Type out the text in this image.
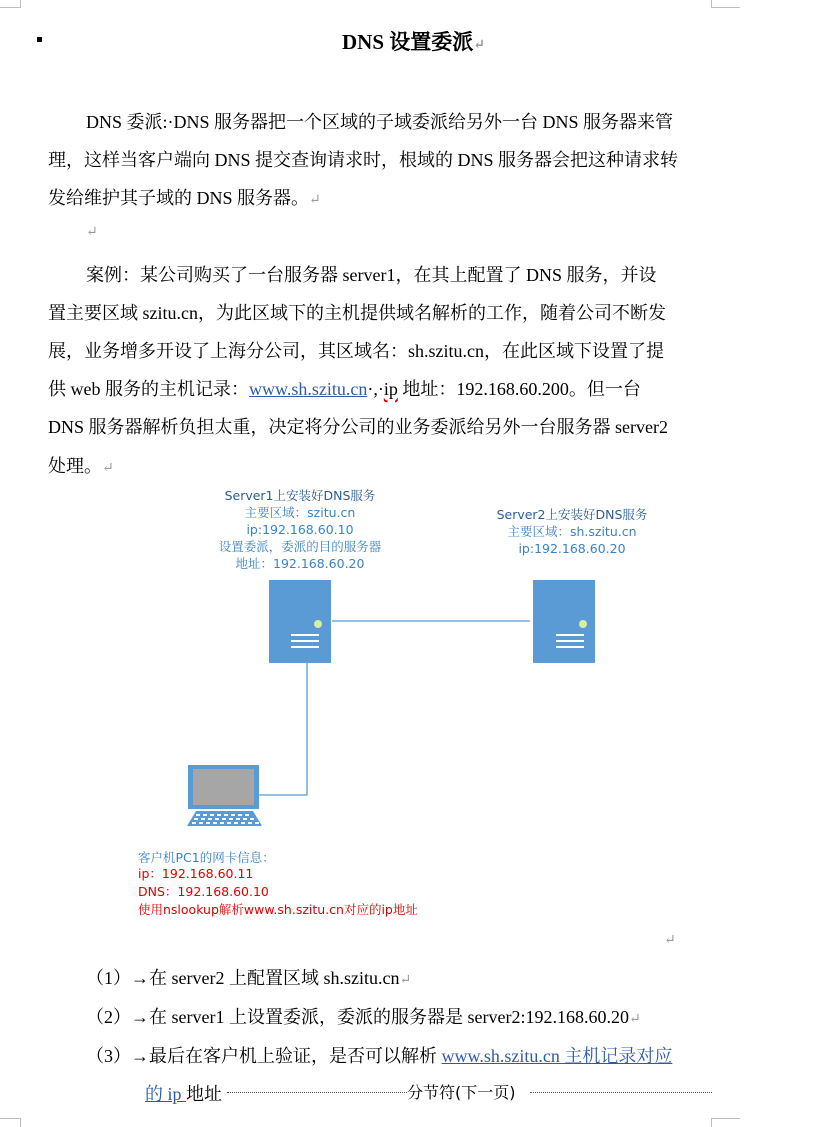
DNS 设置委派↵
DNS 委派:·DNS 服务器把一个区域的子域委派给另外一台 DNS 服务器来管
理，这样当客户端向 DNS 提交查询请求时，根域的 DNS 服务器会把这种请求转
发给维护其子域的 DNS 服务器。↵
↵
案例：某公司购买了一台服务器 server1，在其上配置了 DNS 服务，并设
置主要区域 szitu.cn，为此区域下的主机提供域名解析的工作，随着公司不断发
展，业务增多开设了上海分公司，其区域名：sh.szitu.cn，在此区域下设置了提
供 web 服务的主机记录：www.sh.szitu.cn·,·ip 地址：192.168.60.200。但一台
DNS 服务器解析负担太重，决定将分公司的业务委派给另外一台服务器 server2
处理。↵
Server1上安装好DNS服务
主要区域：szitu.cn
ip:192.168.60.10
设置委派，委派的目的服务器
地址：192.168.60.20
Server2上安装好DNS服务
主要区域：sh.szitu.cn
ip:192.168.60.20
客户机PC1的网卡信息：
ip：192.168.60.11
DNS：192.168.60.10
使用nslookup解析www.sh.szitu.cn对应的ip地址
↵
（1）→在 server2 上配置区域 sh.szitu.cn↵
（2）→在 server1 上设置委派，委派的服务器是 server2:192.168.60.20↵
（3）→最后在客户机上验证，是否可以解析 www.sh.szitu.cn 主机记录对应
的 ip 地址	分节符(下一页)
